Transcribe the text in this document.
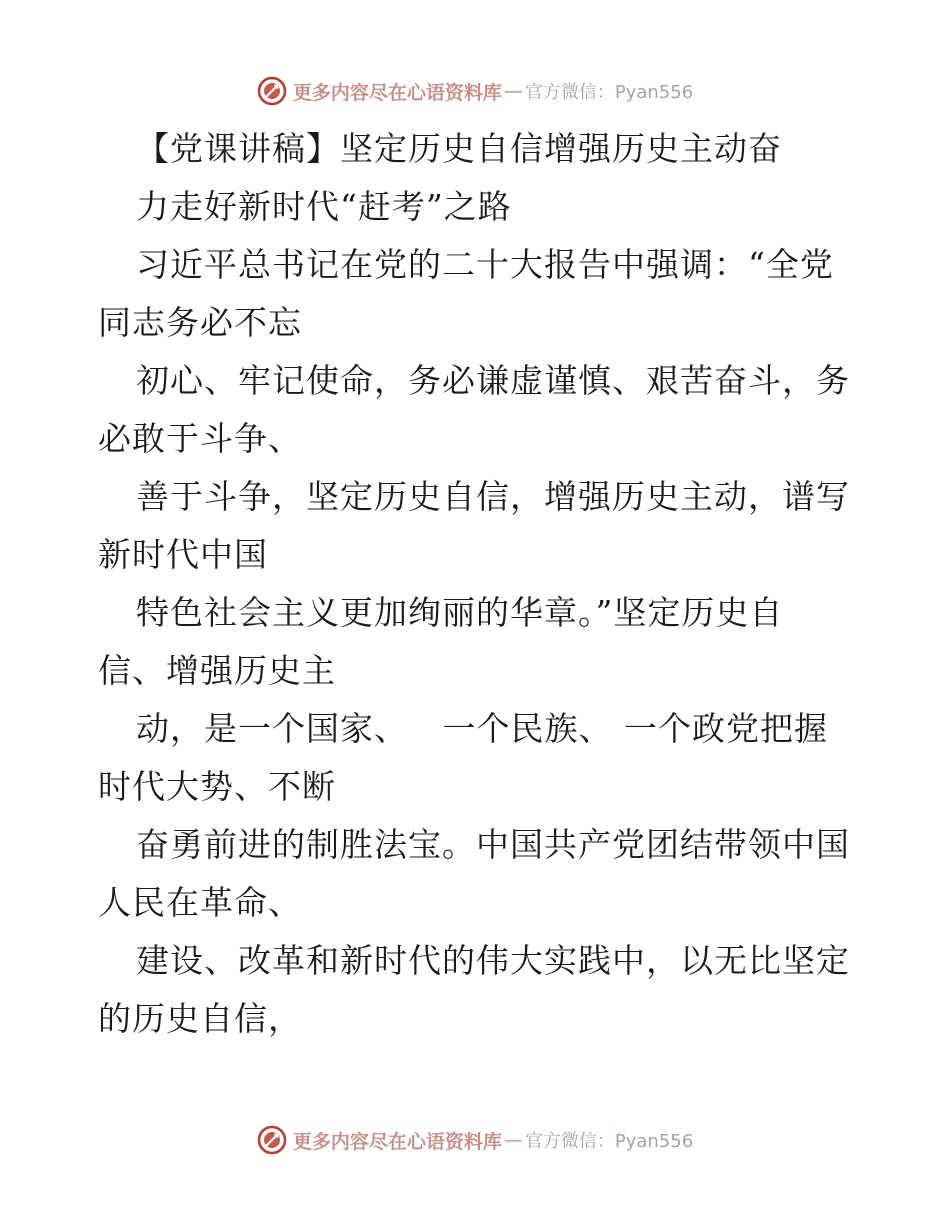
更多内容尽在心语资料库 — 官方微信：Pyan556
【党课讲稿】坚定历史自信增强历史主动奋
力走好新时代“赶考”之路
习近平总书记在党的二十大报告中强调：“全党
同志务必不忘
初心、牢记使命，务必谦虚谨慎、艰苦奋斗，务
必敢于斗争、
善于斗争，坚定历史自信，增强历史主动，谱写
新时代中国
特色社会主义更加绚丽的华章。”坚定历史自
信、增强历史主
动，是一个国家、   一个民族、 一个政党把握
时代大势、不断
奋勇前进的制胜法宝。中国共产党团结带领中国
人民在革命、
建设、改革和新时代的伟大实践中，以无比坚定
的历史自信，
更多内容尽在心语资料库 — 官方微信：Pyan556
